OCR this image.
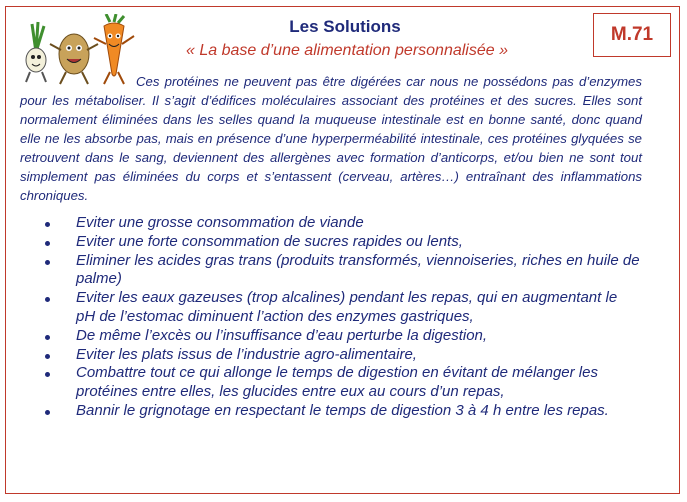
Les Solutions
« La base d’une alimentation personnalisée »
M.71

Ces protéines ne peuvent pas être digérées car nous ne possédons pas d’enzymes pour les métaboliser. Il s’agit d’édifices moléculaires associant des protéines et des sucres. Elles sont normalement éliminées dans les selles quand la muqueuse intestinale est en bonne santé, donc quand elle ne les absorbe pas, mais en présence d’une hyperperméabilité intestinale, ces protéines glyquées se retrouvent dans le sang, deviennent des allergènes avec formation d’anticorps, et/ou bien ne sont tout simplement pas éliminées du corps et s’entassent (cerveau, artères…) entraînant des inflammations chroniques.

Eviter une grosse consommation de viande
Eviter une forte consommation de sucres rapides ou lents,
Eliminer les acides gras trans (produits transformés, viennoiseries, riches en huile de palme)
Eviter les eaux gazeuses (trop alcalines) pendant les repas, qui en augmentant le
pH de l’estomac diminuent l’action des enzymes gastriques,
De même l’excès ou l’insuffisance d’eau perturbe la digestion,
Eviter les plats issus de l’industrie agro-alimentaire,
Combattre tout ce qui allonge le temps de digestion en évitant de mélanger les protéines entre elles, les glucides entre eux au cours d’un repas,
Bannir le grignotage en respectant le temps de digestion 3 à 4 h entre les repas.
